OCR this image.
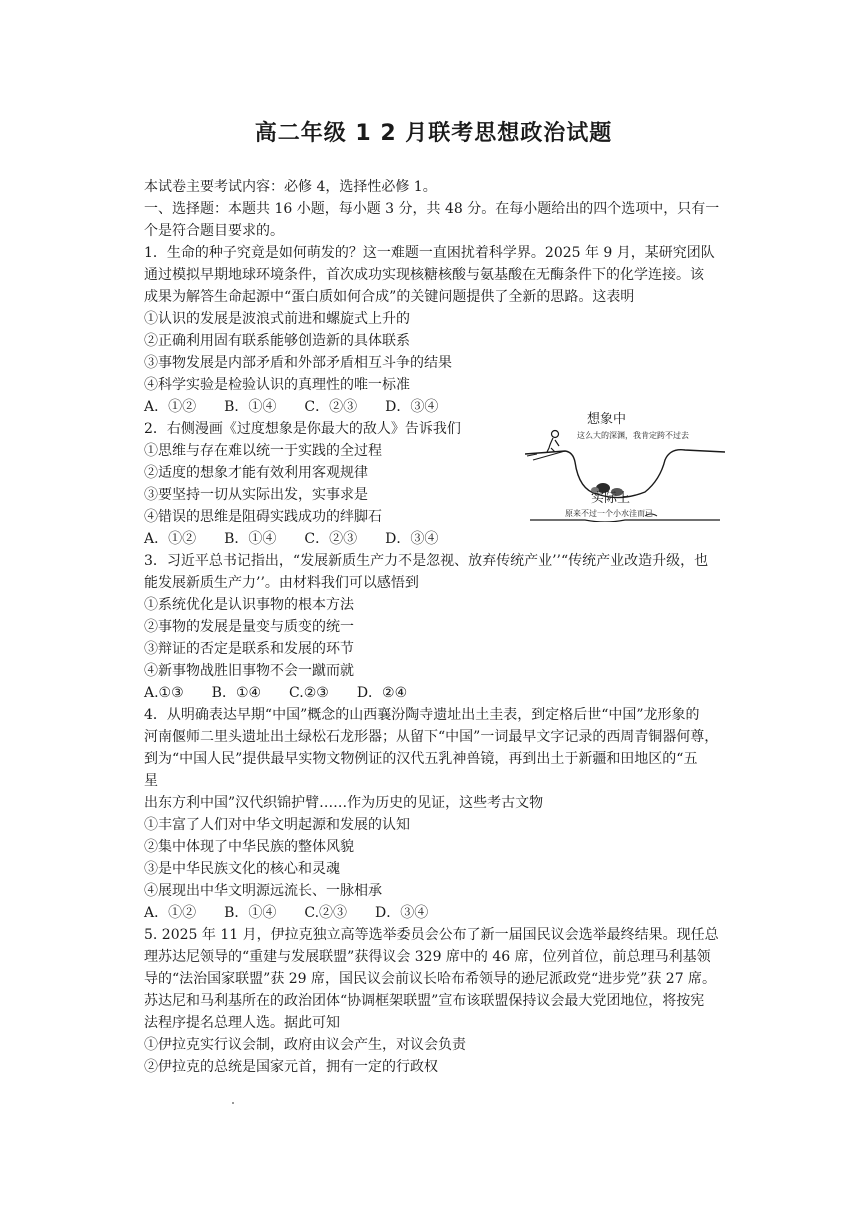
高二年级 1 2 月联考思想政治试题
本试卷主要考试内容：必修 4，选择性必修 1。
一、选择题：本题共 16 小题，每小题 3 分，共 48 分。在每小题给出的四个选项中，只有一
个是符合题目要求的。
1．生命的种子究竟是如何萌发的？这一难题一直困扰着科学界。2025 年 9 月，某研究团队
通过模拟早期地球环境条件，首次成功实现核糖核酸与氨基酸在无酶条件下的化学连接。该
成果为解答生命起源中“蛋白质如何合成”的关键问题提供了全新的思路。这表明
①认识的发展是波浪式前进和螺旋式上升的
②正确利用固有联系能够创造新的具体联系
③事物发展是内部矛盾和外部矛盾相互斗争的结果
④科学实验是检验认识的真理性的唯一标准
A．①②　　B．①④　　C．②③　　D．③④
2．右侧漫画《过度想象是你最大的敌人》告诉我们
①思维与存在难以统一于实践的全过程
②适度的想象才能有效利用客观规律
③要坚持一切从实际出发，实事求是
④错误的思维是阻碍实践成功的绊脚石
A．①②　　B．①④　　C．②③　　D．③④
3．习近平总书记指出，“发展新质生产力不是忽视、放弃传统产业’’“传统产业改造升级，也
能发展新质生产力’’。由材料我们可以感悟到
①系统优化是认识事物的根本方法
②事物的发展是量变与质变的统一
③辩证的否定是联系和发展的环节
④新事物战胜旧事物不会一蹴而就
A.①③　　B．①④　　C.②③　　D．②④
4．从明确表达早期“中国”概念的山西襄汾陶寺遗址出土圭表，到定格后世“中国”龙形象的
河南偃师二里头遗址出土绿松石龙形器；从留下“中国”一词最早文字记录的西周青铜器何尊，
到为“中国人民”提供最早实物文物例证的汉代五乳神兽镜，再到出土于新疆和田地区的“五
星
出东方利中国”汉代织锦护臂……作为历史的见证，这些考古文物
①丰富了人们对中华文明起源和发展的认知
②集中体现了中华民族的整体风貌
③是中华民族文化的核心和灵魂
④展现出中华文明源远流长、一脉相承
A．①②　　B．①④　　C.②③　　D．③④
5. 2025 年 11 月，伊拉克独立高等选举委员会公布了新一届国民议会选举最终结果。现任总
理苏达尼领导的“重建与发展联盟”获得议会 329 席中的 46 席，位列首位，前总理马利基领
导的“法治国家联盟”获 29 席，国民议会前议长哈布希领导的逊尼派政党“进步党”获 27 席。
苏达尼和马利基所在的政治团体“协调框架联盟”宣布该联盟保持议会最大党团地位，将按宪
法程序提名总理人选。据此可知
①伊拉克实行议会制，政府由议会产生，对议会负责
②伊拉克的总统是国家元首，拥有一定的行政权
想象中
这么大的深渊，我肯定跨不过去
实际上
原来不过一个小水洼而已
